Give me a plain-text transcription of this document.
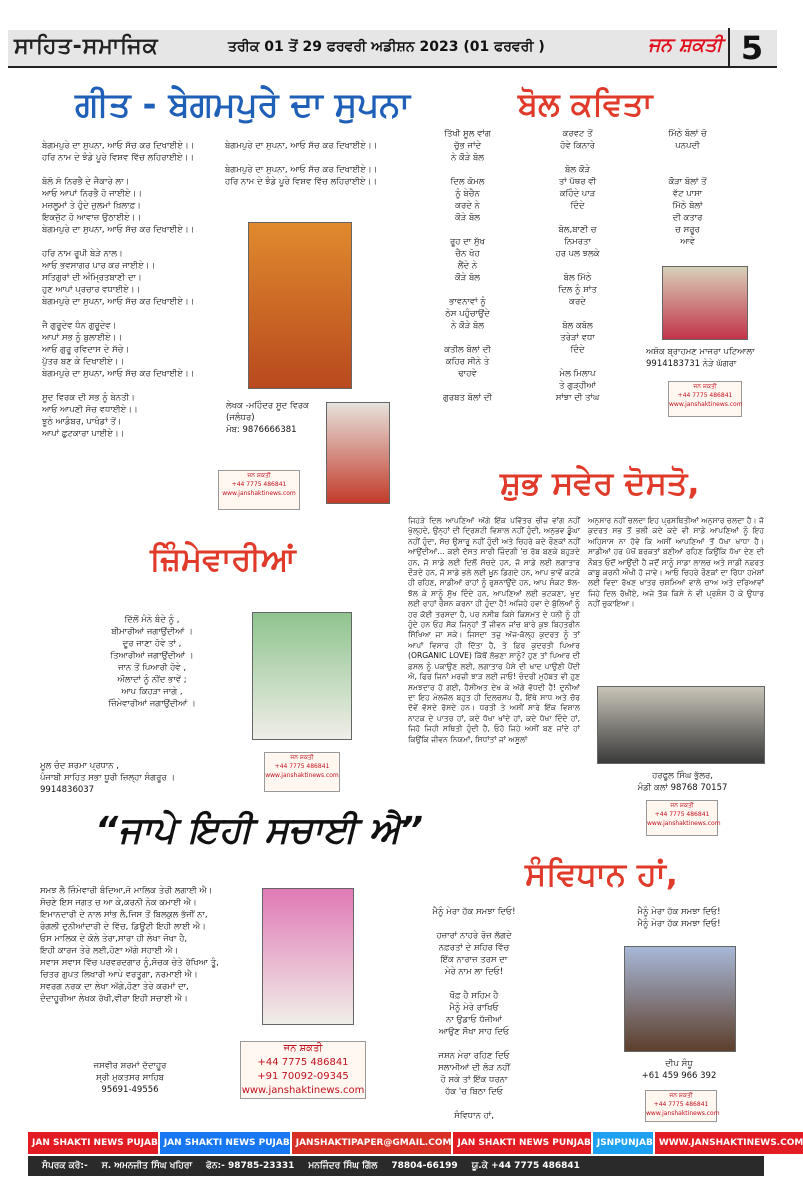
ਸਾਹਿਤ-ਸਮਾਜਿਕ	ਤਰੀਕ 01 ਤੋਂ 29 ਫਰਵਰੀ ਅਡੀਸ਼ਨ 2023 (01 ਫਰਵਰੀ )	ਜਨ ਸ਼ਕਤੀ 5
ਗੀਤ - ਬੇਗਮਪੁਰੇ ਦਾ ਸੁਪਨਾ
ਬੇਗਮਪੁਰੇ ਦਾ ਸੁਪਨਾ, ਆਓ ਸੱਚ ਕਰ ਦਿਖਾਈਏ।।
ਹਰਿ ਨਾਮ ਦੇ ਝੰਡੇ ਪੂਰੇ ਵਿਸ਼ਵ ਵਿੱਚ ਲਹਿਰਾਈਏ।।

ਬੋਲੋ ਸੋ ਨਿਰਭੈ ਦੇ ਜੈਕਾਰੇ ਲਾ।
ਆਓ ਆਪਾਂ ਨਿਰਭੈ ਹੋ ਜਾਈਏ।।
ਮਜ਼ਲੂਮਾਂ ਤੇ ਹੁੰਦੇ ਜ਼ੁਲਮਾਂ ਖ਼ਿਲਾਫ਼।
ਇਕਜੁੱਟ ਹੋ ਆਵਾਜ਼ ਉਠਾਈਏ।।
ਬੇਗਮਪੁਰੇ ਦਾ ਸੁਪਨਾ, ਆਓ ਸੱਚ ਕਰ ਦਿਖਾਈਏ।।

ਹਰਿ ਨਾਮ ਰੂਪੀ ਬੇੜੇ ਨਾਲ।
ਆਓ ਭਵਸਾਗਰ ਪਾਰ ਕਰ ਜਾਈਏ।।
ਸਤਿਗੁਰਾਂ ਦੀ ਅੰਮ੍ਰਿਤਬਾਣੀ ਦਾ।
ਹੁਣ ਆਪਾਂ ਪ੍ਰਚਾਰ ਵਧਾਈਏ।।
ਬੇਗਮਪੁਰੇ ਦਾ ਸੁਪਨਾ, ਆਓ ਸੱਚ ਕਰ ਦਿਖਾਈਏ।।

ਜੈ ਗੁਰੂਦੇਵ ਧੰਨ ਗੁਰੂਦੇਵ।
ਆਪਾਂ ਸਭ ਨੂੰ ਬੁਲਾਈਏ।।
ਆਓ ਗੁਰੂ ਰਵਿਦਾਸ ਦੇ ਸੱਚੇ।
ਪੁੱਤਰ ਬਣ ਕੇ ਦਿਖਾਈਏ।।
ਬੇਗਮਪੁਰੇ ਦਾ ਸੁਪਨਾ, ਆਓ ਸੱਚ ਕਰ ਦਿਖਾਈਏ।।

ਸੂਦ ਵਿਰਕ ਦੀ ਸਭ ਨੂੰ ਬੇਨਤੀ।
ਆਓ ਆਪਣੀ ਸੋਚ ਵਧਾਈਏ।।
ਝੂਠੇ ਆਡੰਬਰ, ਪਾਖੰਡਾਂ ਤੋਂ।
ਆਪਾਂ ਛੁਟਕਾਰਾ ਪਾਈਏ।।
ਬੇਗਮਪੁਰੇ ਦਾ ਸੁਪਨਾ, ਆਓ ਸੱਚ ਕਰ ਦਿਖਾਈਏ।।

ਬੇਗਮਪੁਰੇ ਦਾ ਸੁਪਨਾ, ਆਓ ਸੱਚ ਕਰ ਦਿਖਾਈਏ।।
ਹਰਿ ਨਾਮ ਦੇ ਝੰਡੇ ਪੂਰੇ ਵਿਸ਼ਵ ਵਿੱਚ ਲਹਿਰਾਈਏ।।
ਲੇਖਕ -ਮਹਿੰਦਰ ਸੂਦ ਵਿਰਕ
(ਜਲੰਧਰ)
ਮੋਬ: 9876666381
ਜਨ ਸ਼ਕਤੀ
+44 7775 486841
www.janshaktinews.com
ਬੋਲ ਕਵਿਤਾ
ਤਿੱਖੀ ਸੂਲ ਵਾਂਗ
ਚੁੱਭ ਜਾਂਦੇ
ਨੇ ਕੌੜੇ ਬੋਲ

ਦਿਲ ਕੋਮਲ
ਨੂੰ ਬੇਚੈਨ
ਕਰਦੇ ਨੇ
ਕੌੜੇ ਬੋਲ

ਰੂਹ ਦਾ ਸੁੱਖ
ਚੈਨ ਖੋਹ
ਲੈਂਦੇ ਨੇ
ਕੌੜੇ ਬੋਲ

ਭਾਵਨਾਵਾਂ ਨੂੰ
ਠੇਸ ਪਹੁੰਚਾਉਂਦੇ
ਨੇ ਕੌੜੇ ਬੋਲ

ਕਤੀਲ ਬੋਲਾਂ ਦੀ
ਕਹਿਰ ਸੀਨੇ ਤੇ
ਢਾਹਵੇ

ਗੁਰਬਤ ਬੋਲਾਂ ਦੀ
ਕਰਵਟ ਤੋਂ
ਹੋਵੇ ਕਿਨਾਰੇ

ਬੋਲ ਕੌੜੇ
ਤਾਂ ਪੱਥਰ ਵੀ
ਕਹਿੰਦੇ ਪਾੜ
ਦਿੰਦੇ

ਬੋਲ,ਬਾਣੀ ਚ
ਨਿਮਰਤਾ
ਹਰ ਪਲ ਝਲਕੇ

ਬੋਲ ਮਿੱਠੇ
ਦਿਲ ਨੂੰ ਸ਼ਾਂਤ
ਕਰਦੇ

ਬੋਲ ਕਬੋਲ
ਤਰੇੜਾਂ ਵਧਾ
ਦਿੰਦੇ

ਮੇਲ ਮਿਲਾਪ
ਤੇ ਗੁੜ੍ਹੀਆਂ
ਸਾਂਝਾ ਦੀ ਤਾਂਘ
ਮਿੱਠੇ ਬੋਲਾਂ ਚੋ
ਪਨਪਦੀ

ਕੌੜਾ ਬੋਲਾਂ ਤੋਂ
ਵੱਟ ਪਾਸਾ
ਮਿੱਠੇ ਬੋਲਾਂ
ਦੀ ਕਤਾਰ
ਚ ਸਰੂਰ
ਆਵੇ
ਅਸ਼ੋਕ ਬ੍ਰਾਹਮਣ ਮਾਜਰਾ ਪਟਿਆਲਾ
9914183731 ਨੇੜੇ ਘੱਗਰਾ
ਜਨ ਸ਼ਕਤੀ
+44 7775 486841
www.janshaktinews.com
ਜ਼ਿੰਮੇਵਾਰੀਆਂ
ਦਿੱਲੋਂ ਮੰਨੇ ਬੰਦੇ ਨੂੰ ,
ਬੀਮਾਰੀਆਂ ਜਗਾਉਂਦੀਆਂ ।
ਦੂਰ ਜਾਣਾ ਹੋਵੇ ਤਾਂ ,
ਤਿਆਰੀਆਂ ਜਗਾਉਂਦੀਆਂ ।
ਜਾਨ ਤੋਂ ਪਿਆਰੀ ਹੋਵੇ ,
ਔਲਾਦਾਂ ਨੂੰ ਨੀਂਦ ਭਾਵੇਂ ;
ਆਪ ਕਿਹੜਾ ਜਾਗੇ ,
ਜ਼ਿੰਮੇਵਾਰੀਆਂ ਜਗਾਉਂਦੀਆਂ ।
ਮੂਲ ਚੰਦ ਸ਼ਰਮਾ ਪ੍ਰਧਾਨ ,
ਪੰਜਾਬੀ ਸਾਹਿਤ ਸਭਾ ਧੂਰੀ ਜ਼ਿਲ੍ਹਾ ਸੰਗਰੂਰ ।
9914836037
ਜਨ ਸ਼ਕਤੀ
+44 7775 486841
www.janshaktinews.com
ਸ਼ੁਭ ਸਵੇਰ ਦੋਸਤੋ,
ਜਿਹੜੇ ਦਿਲ ਆਪਣਿਆਂ ਅੱਗੇ ਇੱਕ ਪਵਿੱਤਰ ਚੀਜ਼ ਵਾਂਗ ਨਹੀਂ ਖੁੱਲ੍ਹਦੇ, ਉਨ੍ਹਾਂ ਦੀ ਦ੍ਰਿਸ਼ਟੀ ਵਿਸ਼ਾਲ ਨਹੀਂ ਹੁੰਦੀ, ਅਨੁਭਵ ਡੂੰਘਾ ਨਹੀਂ ਹੁੰਦਾ, ਸੋਚ ਉਸਾਰੂ ਨਹੀਂ ਹੁੰਦੀ ਅਤੇ ਚਿਹਰੇ ਕਦੇ ਰੌਣਕਾਂ ਨਹੀਂ ਆਉਂਦੀਆਂ... ਕਈ ਦੋਸਤ ਸਾਰੀ ਜ਼ਿੰਦਗੀ 'ਚ ਰੱਬ ਬਣਕੇ ਬਹੁੜਦੇ ਹਨ, ਜੋ ਸਾਡੇ ਲਈ ਦਿਲੋਂ ਸੋਚਦੇ ਹਨ, ਜੋ ਸਾਡੇ ਲਈ ਲਗਾਤਾਰ ਦੌੜਦੇ ਹਨ, ਜੋ ਸਾਡੇ ਭਲੇ ਲਈ ਖ਼ੂਨ ਡਿਗਦੇ ਹਨ, ਆਪ ਭਾਵੇਂ ਕਟਕੇ ਹੀ ਰਹਿਣ, ਸਾਡੀਆਂ ਰਾਹਾਂ ਨੂੰ ਰੁਸ਼ਨਾਉਂਦੇ ਹਨ, ਆਪ ਸੰਕਟ ਝੱਲ-ਝੱਲ ਕੇ ਸਾਨੂੰ ਸੁੱਖ ਦਿੰਦੇ ਹਨ, ਆਪਣਿਆਂ ਲਈ ਭਟਕਣਾ, ਖੁਦ ਲਈ ਰਾਹਾਂ ਰੌਸ਼ਨ ਕਰਨਾ ਹੀ ਹੁੰਦਾ ਹੈ! ਅਜਿਹੇ ਹਵਾ ਦੇ ਬੁੱਲਿਆਂ ਨੂੰ ਹਰ ਕੋਈ ਤਰਸਦਾ ਹੈ, ਪਰ ਨਸੀਬ ਕਿਸੇ ਕਿਸਮਤ ਦੇ ਧਨੀ ਨੂੰ ਹੀ ਹੁੰਦੇ ਹਨ ਓਹ ਸੋਕ ਜਿਨ੍ਹਾਂ ਤੋਂ ਜੀਵਨ ਜਾਂਚ ਬਾਰੇ ਕੁਝ ਬਿਹਤਰੀਨ ਸਿੱਖਿਆ ਜਾ ਸਕੇ। ਜਿਸਦਾ ਤਜ਼ੁ ਅੱਜ-ਕੱਲ੍ਹ ਕੁਦਰਤ ਨੂੰ ਤਾਂ ਆਪਾਂ ਵਿਸਾਰ ਹੀ ਦਿੱਤਾ ਹੈ, ਤੇ ਫ਼ਿਰ ਕੁਦਰਤੀ ਪਿਆਰ (ORGANIC LOVE) ਕਿੱਥੋਂ ਲੱਭਣਾ ਸਾਨੂੰ? ਹੁਣ ਤਾਂ ਪਿਆਰ ਦੀ ਫ਼ਸਲ ਨੂੰ ਪਕਾਉਣ ਲਈ, ਲਗਾਤਾਰ ਪੈਸੇ ਦੀ ਖਾਦ ਪਾਉਣੀ ਪੈਂਦੀ ਐ, ਫਿਰ ਜਿਨਾਂ ਮਰਜ਼ੀ ਝਾੜ ਲਈ ਜਾਓ! ਚੰਦਰੀ ਮੁਹੱਬਤ ਵੀ ਹੁਣ ਸਮਝਦਾਰ ਹੋ ਗਈ, ਹੈਸੀਅਤ ਦੇਖ ਕੇ ਅੱਗੇ ਵੱਧਦੀ ਹੈ! ਦੁਨੀਆਂ ਦਾ ਇਹ ਮੇਲਜੋਲ ਬਹੁਤ ਹੀ ਦਿਲਚਸਪ ਹੈ, ਇੱਥੇ ਸਾਧ ਅਤੇ ਚੋਰ ਦੋਵੇਂ ਵੱਸਦੇ ਰੱਸਦੇ ਹਨ। ਧਰਤੀ ਤੇ ਅਸੀਂ ਸਾਰੇ ਇੱਕ ਵਿਸ਼ਾਲ ਨਾਟਕ ਦੇ ਪਾਤਰ ਹਾਂ, ਕਦੇ ਧੋਖਾ ਖਾਂਦੇ ਹਾਂ, ਕਦੇ ਧੋਖਾ ਦਿੰਦੇ ਹਾਂ, ਜਿਹੋ ਜਿਹੀ ਸਥਿਤੀ ਹੁੰਦੀ ਹੈ, ਓਹੋ ਜਿਹੇ ਅਸੀਂ ਬਣ ਜਾਂਦੇ ਹਾਂ ਕਿਉਂਕਿ ਜੀਵਨ ਨਿਯਮਾਂ, ਸਿਧਾਂਤਾਂ ਜਾਂ ਅਸੂਲਾਂ
ਅਨੁਸਾਰ ਨਹੀਂ ਚਲਦਾ ਇਹ ਪ੍ਰਸਥਿਤੀਆਂ ਅਨੁਸਾਰ ਚਲਦਾ ਹੈ। ਜੋ ਕੁਦਰਤ ਸਭ ਤੋਂ ਭਲੀ ਕਦੇ ਕਦੇ ਵੀ ਸਾਡੇ ਆਪਣਿਆਂ ਨੂੰ ਇਹ ਅਹਿਸਾਸ ਨਾ ਹੋਵੇ ਕਿ ਅਸੀਂ ਆਪਣਿਆਂ ਤੋਂ ਧੋਖਾ ਖਾਧਾ ਹੈ। ਸਾਡੀਆਂ ਹਰ ਪੱਖੋਂ ਬਰਕਤਾਂ ਬਣੀਆਂ ਰਹਿਣ ਕਿਉਂਕਿ ਧੋਖਾ ਦੇਣ ਦੀ ਨੌਬਤ ਓਦੋਂ ਆਉਂਦੀ ਹੈ ਜਦੋਂ ਸਾਨੂੰ ਸਾਡਾ ਲਾਲਚ ਅਤੇ ਸਾਡੀ ਨਫ਼ਰਤ ਕਾਬੂ ਕਰਨੀ ਔਖੀ ਹੋ ਜਾਵੇ। ਆਓ ਚਿਹਰੇ ਰੌਣਕਾਂ ਦਾ ਰਿੱਧਾ ਹਮੇਸ਼ਾਂ ਲਈ ਵਿਦਾ ਰੱਖਣ ਖਾਤਰ ਚਸ਼ਮਿਆਂ ਵਾਲੇ ਚਾਅ ਅਤੇ ਦਰਿਆਵਾਂ ਜਿਹੇ ਦਿਲ ਰੱਖੀਏ, ਅਜੇ ਤੱਕ ਕਿਸੇ ਨੇ ਵੀ ਪ੍ਰਸ਼ੰਸ ਹੋ ਕੇ ਉਧਾਰ ਨਹੀਂ ਚੁਕਾਇਆ।
ਹਰਫੂਲ ਸਿੰਘ ਭੁੱਲਰ,
ਮੰਡੀ ਕਲਾਂ 98768 70157
ਜਨ ਸ਼ਕਤੀ
+44 7775 486841
www.janshaktinews.com
“ਜਾਪੇ ਇਹੀ ਸਚਾਈ ਐ”
ਸਮਝ ਲੈ ਜ਼ਿੰਮੇਵਾਰੀ ਬੰਦਿਆ,ਜੋ ਮਾਲਿਕ ਤੇਰੀ ਲਗਾਈ ਐ।
ਸੋਚਣੇ ਇਸ ਜਗਤ ਚ ਆ ਕੇ,ਕਰਨੀ ਨੇਕ ਕਮਾਈ ਐ।
ਇਮਾਨਦਾਰੀ ਦੇ ਨਾਲ ਸਾਂਭ ਲੈ,ਜਿਸ ਤੋਂ ਬਿਲਕੁਲ ਭੱਜੀਂ ਨਾ,
ਰੰਗਲੀ ਦੁਨੀਆਂਦਾਰੀ ਦੇ ਵਿੱਚ, ਡਿਊਟੀ ਇਹੀ ਲਾਈ ਐ।
ਓਸ ਮਾਲਿਕ ਦੇ ਕੋਲੇ ਤੇਰਾ,ਸਾਰਾ ਹੀ ਲੇਖਾ ਜੋਖਾ ਹੈ,
ਇਹੀ ਕਾਰਜ ਤੇਰੇ ਲਈ,ਹੋਣਾ ਅੱਗੇ ਸਹਾਈ ਐ।
ਸਵਾਸ ਸਵਾਸ ਵਿੱਚ ਪਰਵਰਦਗਾਰ ਨੂੰ,ਸੋਚਕ ਚੇਤੇ ਰੱਖਿਆ ਤੂੰ,
ਚਿਤਰ ਗੁਪਤ ਲਿਖਾਰੀ ਆਪੇ ਵਰਤੂਗਾ, ਨਰਮਾਈ ਐ।
ਸਵਰਗ ਨਰਕ ਦਾ ਲੇਖਾ ਅੱਗੇ,ਹੋਣਾ ਤੇਰੇ ਕਰਮਾਂ ਦਾ,
ਦੰਦਾਹੂਰੀਆ ਲੇਖਕ ਰੱਖੀ,ਵੀਰਾ ਇਹੀ ਸਚਾਈ ਐ।
ਜਸਵੀਰ ਸ਼ਰਮਾਂ ਦੱਦਾਹੂਰ
ਸ੍ਰੀ ਮੁਕਤਸਰ ਸਾਹਿਬ
95691-49556
ਜਨ ਸ਼ਕਤੀ
+44 7775 486841
+91 70092-09345
www.janshaktinews.com
ਸੰਵਿਧਾਨ ਹਾਂ,
ਮੈਨੂੰ ਮੇਰਾ ਹੱਕ ਸਮਝਾ ਦਿਓ!

ਹਜ਼ਾਰਾਂ ਨਾਹਰੇ ਰੋਜ਼ ਲੱਗਦੇ
ਨਫ਼ਰਤਾਂ ਦੇ ਸ਼ਹਿਰ ਵਿੱਚ
ਇੱਕ ਨਾਰਾਜ਼ ਤਰਸ ਦਾ
ਮੇਰੇ ਨਾਮ ਲਾ ਦਿਓ!

ਖੌਫ਼ ਹੈ ਸਹਿਮ ਹੈ
ਮੈਨੂੰ ਮੇਰੇ ਰਾਖਿਓ
ਨਾ ਉਡਾਓ ਧੱਜੀਆਂ
ਆਉਣ ਸੌਖਾ ਸਾਹ ਦਿਓ

ਜਸ਼ਨ ਮੇਰਾ ਰਹਿਣ ਦਿਓ
ਸਲਾਮੀਆਂ ਦੀ ਲੋੜ ਨਹੀਂ
ਹੋ ਸਕੇ ਤਾਂ ਇੱਕ ਧਰਨਾ
ਹੱਕ 'ਚ ਬਿਠਾ ਦਿਓ

ਸੰਵਿਧਾਨ ਹਾਂ,
ਮੈਨੂੰ ਮੇਰਾ ਹੱਕ ਸਮਝਾ ਦਿਓ!
ਮੈਨੂੰ ਮੇਰਾ ਹੱਕ ਸਮਝਾ ਦਿਓ!
ਦੀਪ ਸੰਧੂ
+61 459 966 392
ਜਨ ਸ਼ਕਤੀ
+44 7775 486841
www.janshaktinews.com
JAN SHAKTI NEWS PUJAB JAN SHAKTI NEWS PUJAB JANSHAKTIPAPER@GMAIL.COM JAN SHAKTI NEWS PUNJAB JSNPUNJAB WWW.JANSHAKTINEWS.COM
ਸੰਪਰਕ ਕਰੋ:- ਸ. ਅਮਨਜੀਤ ਸਿੰਘ ਖਹਿਰਾ ਫੋਨ:- 98785-23331 ਮਨਜਿੰਦਰ ਸਿੰਘ ਗਿੱਲ 78804-66199 ਯੂ.ਕੇ +44 7775 486841
